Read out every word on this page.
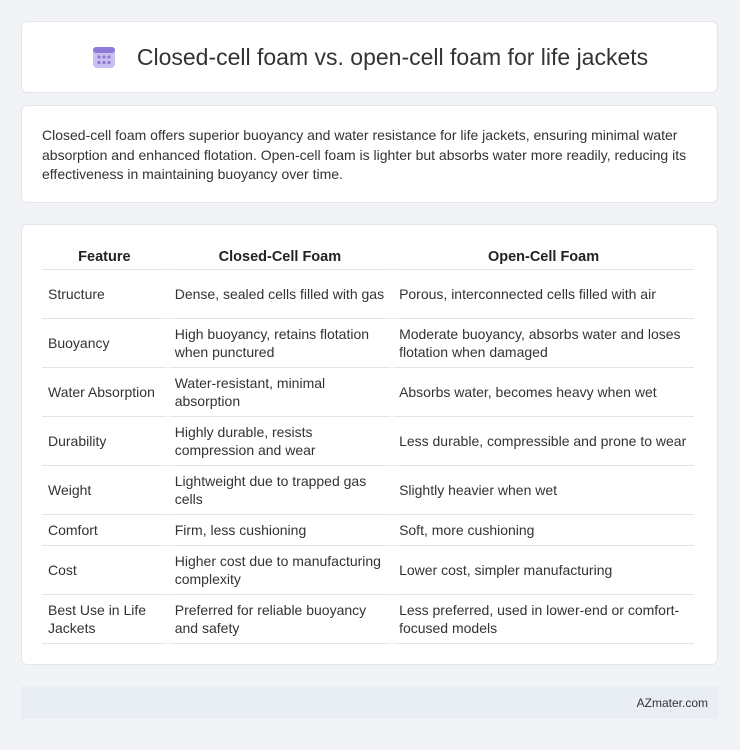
Closed-cell foam vs. open-cell foam for life jackets

Closed-cell foam offers superior buoyancy and water resistance for life jackets, ensuring minimal water absorption and enhanced flotation. Open-cell foam is lighter but absorbs water more readily, reducing its effectiveness in maintaining buoyancy over time.

Feature	Closed-Cell Foam	Open-Cell Foam
Structure	Dense, sealed cells filled with gas	Porous, interconnected cells filled with air
Buoyancy	High buoyancy, retains flotation when punctured	Moderate buoyancy, absorbs water and loses flotation when damaged
Water Absorption	Water-resistant, minimal absorption	Absorbs water, becomes heavy when wet
Durability	Highly durable, resists compression and wear	Less durable, compressible and prone to wear
Weight	Lightweight due to trapped gas cells	Slightly heavier when wet
Comfort	Firm, less cushioning	Soft, more cushioning
Cost	Higher cost due to manufacturing complexity	Lower cost, simpler manufacturing
Best Use in Life Jackets	Preferred for reliable buoyancy and safety	Less preferred, used in lower-end or comfort-focused models
AZmater.com
